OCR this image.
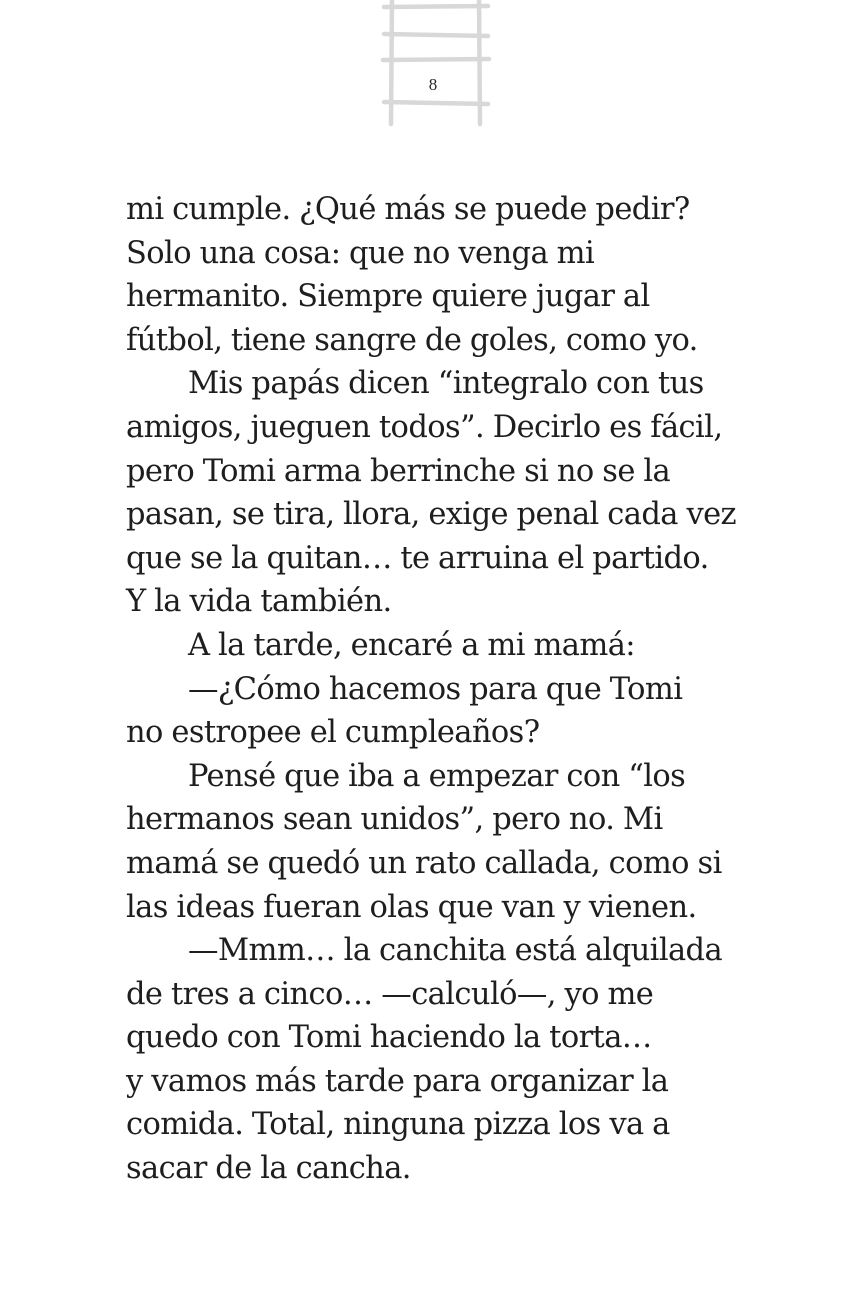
8
mi cumple. ¿Qué más se puede pedir?
Solo una cosa: que no venga mi
hermanito. Siempre quiere jugar al
fútbol, tiene sangre de goles, como yo.
Mis papás dicen “integralo con tus
amigos, jueguen todos”. Decirlo es fácil,
pero Tomi arma berrinche si no se la
pasan, se tira, llora, exige penal cada vez
que se la quitan… te arruina el partido.
Y la vida también.
A la tarde, encaré a mi mamá:
—¿Cómo hacemos para que Tomi
no estropee el cumpleaños?
Pensé que iba a empezar con “los
hermanos sean unidos”, pero no. Mi
mamá se quedó un rato callada, como si
las ideas fueran olas que van y vienen.
—Mmm… la canchita está alquilada
de tres a cinco… —calculó—, yo me
quedo con Tomi haciendo la torta…
y vamos más tarde para organizar la
comida. Total, ninguna pizza los va a
sacar de la cancha.
